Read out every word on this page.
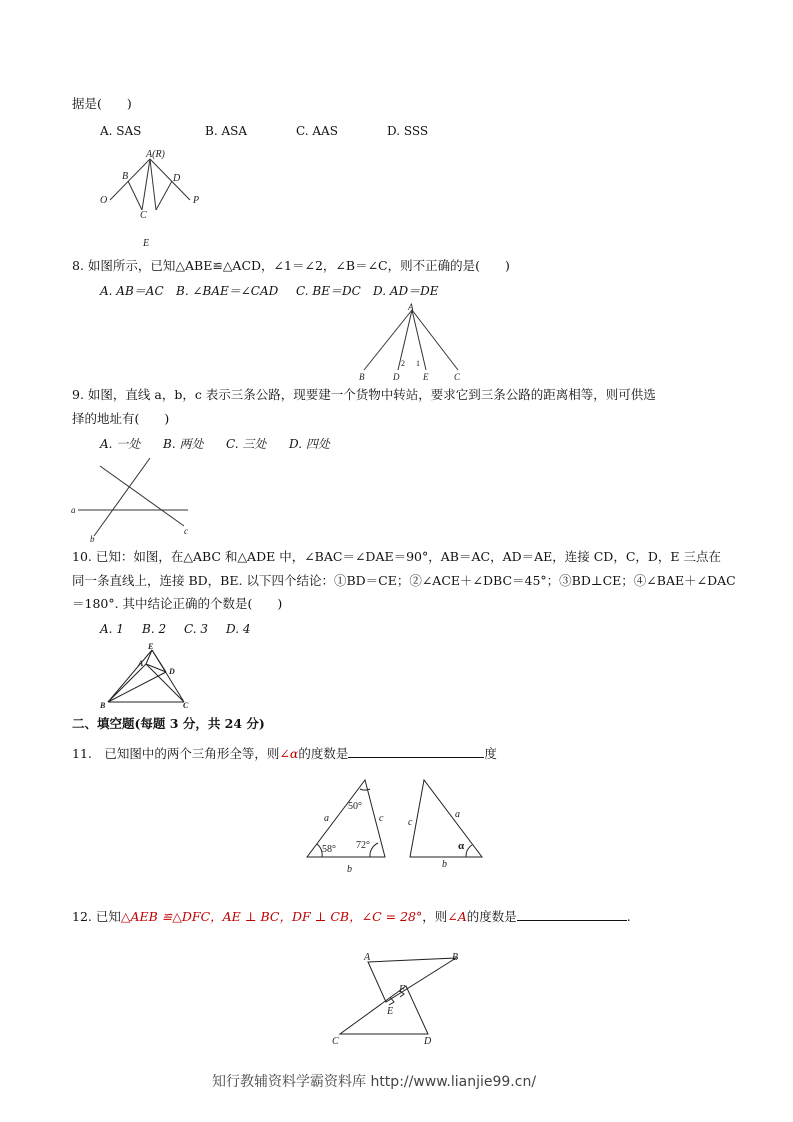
据是(　　)
A. SAS	B. ASA	C. AAS	D. SSS
A(R)
B	D
O
C
P
E
8. 如图所示，已知△ABE≌△ACD，∠1＝∠2，∠B＝∠C，则不正确的是(　　)
A. AB＝AC B. ∠BAE＝∠CAD C. BE＝DC D. AD＝DE
A
2 1
B	D	E	C
9. 如图，直线 a，b，c 表示三条公路，现要建一个货物中转站，要求它到三条公路的距离相等，则可供选
择的地址有(　　)
A. 一处 B. 两处 C. 三处 D. 四处
a
b
c
10. 已知：如图，在△ABC 和△ADE 中，∠BAC＝∠DAE＝90°，AB＝AC，AD＝AE，连接 CD，C，D，E 三点在
同一条直线上，连接 BD，BE. 以下四个结论：①BD＝CE；②∠ACE＋∠DBC＝45°；③BD⊥CE；④∠BAE＋∠DAC
＝180°. 其中结论正确的个数是(　　)
A. 1 B. 2 C. 3 D. 4
E
A
D
B	C
二、填空题(每题 3 分，共 24 分)
11.　已知图中的两个三角形全等，则∠α的度数是	度
50°
a	c
58° 72°
b
c
a
α
b
12. 已知△AEB ≌△DFC，AE ⊥ BC，DF ⊥ CB，∠C = 28°，则∠A的度数是	.
A	B
F
E
C	D
知行教辅资料学霸资料库 http://www.lianjie99.cn/
